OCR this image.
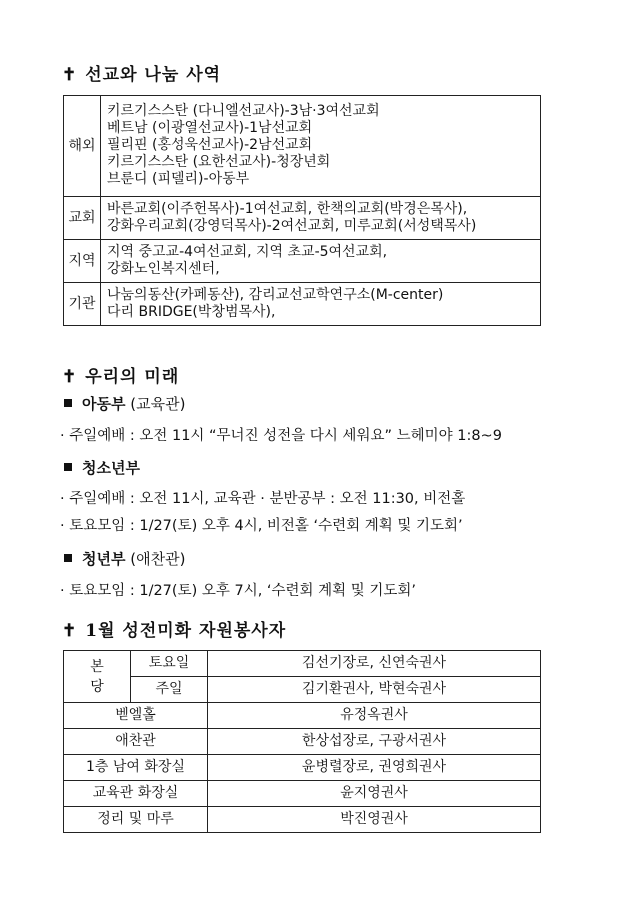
✝ 선교와 나눔 사역
해외	키르기스스탄 (다니엘선교사)-3남·3여선교회
베트남 (이광열선교사)-1남선교회
필리핀 (홍성욱선교사)-2남선교회
키르기스스탄 (요한선교사)-청장년회
브룬디 (피델리)-아동부

교회	바른교회(이주헌목사)-1여선교회, 한책의교회(박경은목사),
강화우리교회(강영덕목사)-2여선교회, 미루교회(서성택목사)

지역	지역 중고교-4여선교회, 지역 초교-5여선교회,
강화노인복지센터,

기관	나눔의동산(카페동산), 감리교선교학연구소(M-center)
다리 BRIDGE(박창범목사),
✝ 우리의 미래
아동부 (교육관)
· 주일예배 : 오전 11시 “무너진 성전을 다시 세워요” 느헤미야 1:8~9
청소년부
· 주일예배 : 오전 11시, 교육관 · 분반공부 : 오전 11:30, 비전홀
· 토요모임 : 1/27(토) 오후 4시, 비전홀 ‘수련회 계획 및 기도회’
청년부 (애찬관)
· 토요모임 : 1/27(토) 오후 7시, ‘수련회 계획 및 기도회’
✝ 1월 성전미화 자원봉사자
본
당	토요일	김선기장로, 신연숙권사
	주일	김기환권사, 박현숙권사
벧엘홀		유정옥권사
애찬관		한상섭장로, 구광서권사
1층 남여 화장실		윤병렬장로, 권영희권사
교육관 화장실		윤지영권사
정리 및 마루		박진영권사
